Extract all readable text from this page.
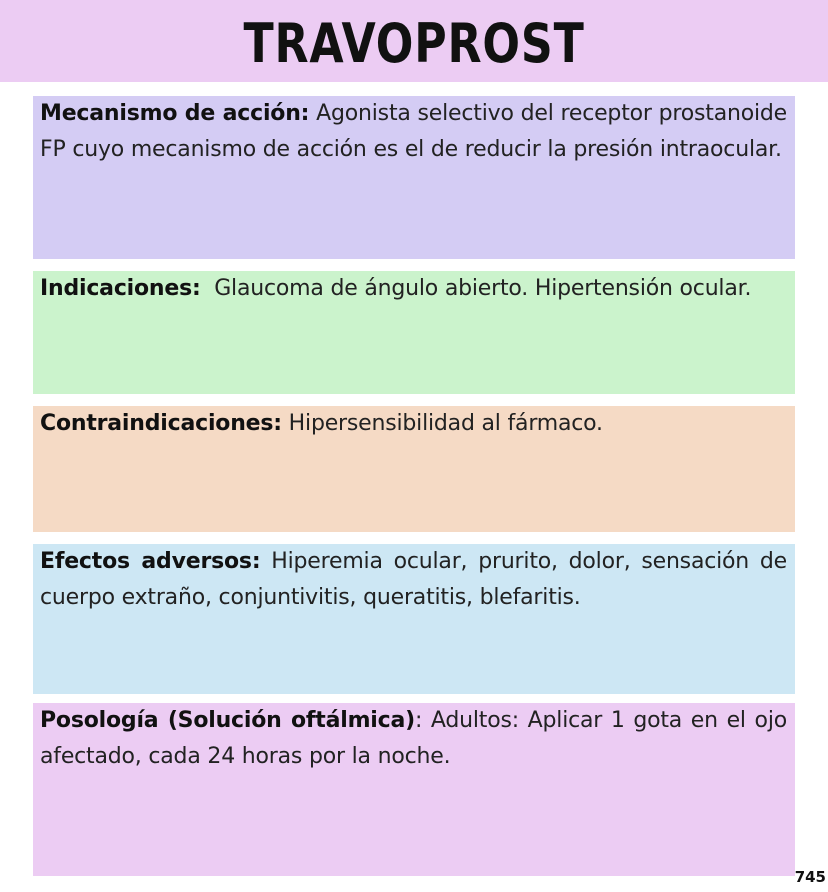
TRAVOPROST

Mecanismo de acción: Agonista selectivo del receptor prostanoide FP cuyo mecanismo de acción es el de reducir la presión intraocular.

Indicaciones:  Glaucoma de ángulo abierto. Hipertensión ocular.

Contraindicaciones: Hipersensibilidad al fármaco.

Efectos adversos: Hiperemia ocular, prurito, dolor, sensación de cuerpo extraño, conjuntivitis, queratitis, blefaritis.

Posología (Solución oftálmica): Adultos: Aplicar 1 gota en el ojo afectado, cada 24 horas por la noche.

745
